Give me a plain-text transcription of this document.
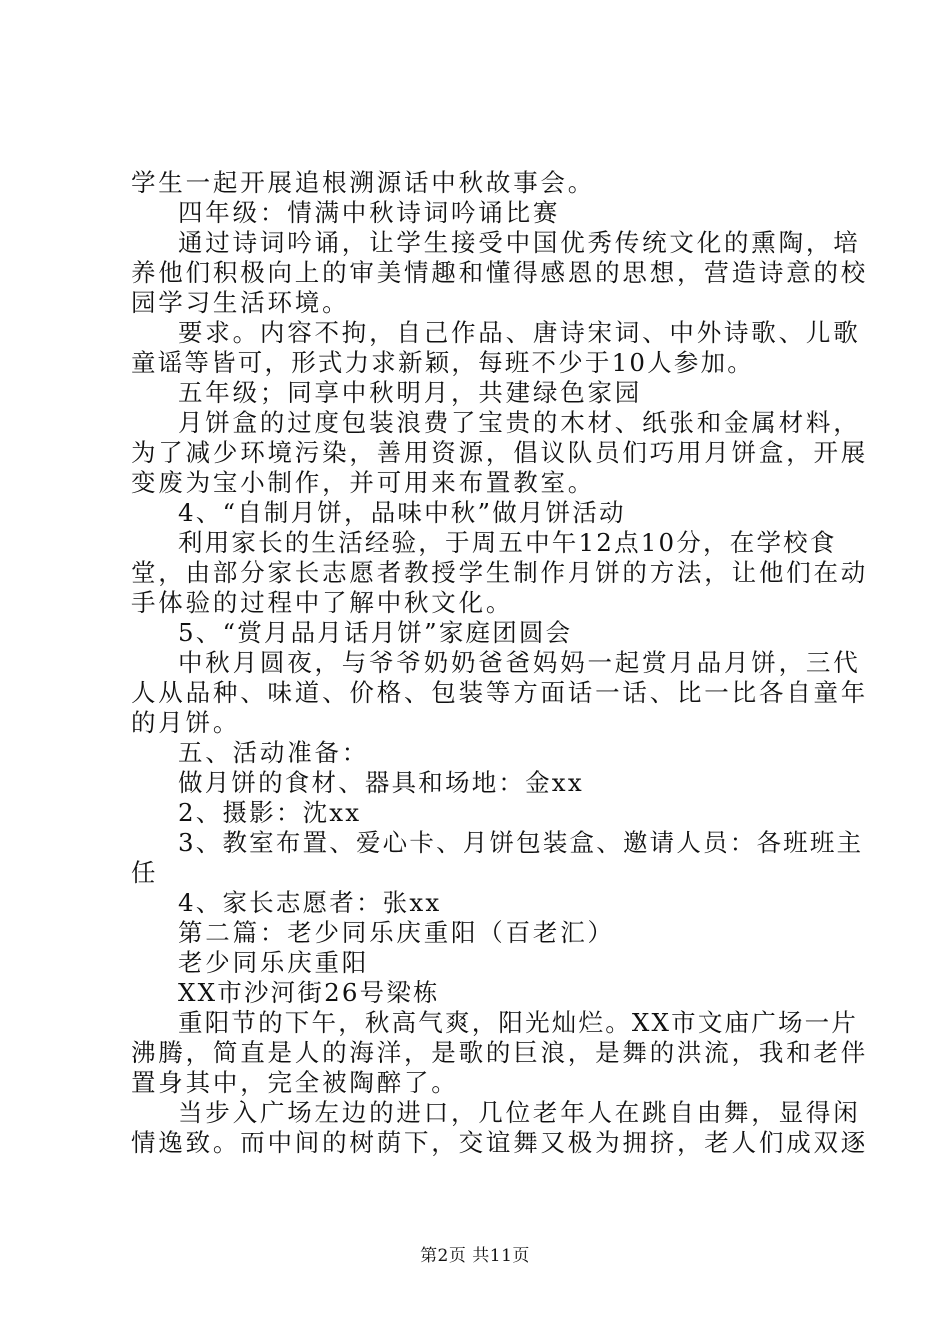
学生一起开展追根溯源话中秋故事会。
四年级：情满中秋诗词吟诵比赛
通过诗词吟诵，让学生接受中国优秀传统文化的熏陶，培
养他们积极向上的审美情趣和懂得感恩的思想，营造诗意的校
园学习生活环境。
要求。内容不拘，自己作品、唐诗宋词、中外诗歌、儿歌
童谣等皆可，形式力求新颖，每班不少于10人参加。
五年级；同享中秋明月，共建绿色家园
月饼盒的过度包装浪费了宝贵的木材、纸张和金属材料，
为了减少环境污染，善用资源，倡议队员们巧用月饼盒，开展
变废为宝小制作，并可用来布置教室。
4、“自制月饼，品味中秋”做月饼活动
利用家长的生活经验，于周五中午12点10分，在学校食
堂，由部分家长志愿者教授学生制作月饼的方法，让他们在动
手体验的过程中了解中秋文化。
5、“赏月品月话月饼”家庭团圆会
中秋月圆夜，与爷爷奶奶爸爸妈妈一起赏月品月饼，三代
人从品种、味道、价格、包装等方面话一话、比一比各自童年
的月饼。
五、活动准备：
做月饼的食材、器具和场地：金xx
2、摄影：沈xx
3、教室布置、爱心卡、月饼包装盒、邀请人员：各班班主
任
4、家长志愿者：张xx
第二篇：老少同乐庆重阳（百老汇）
老少同乐庆重阳
XX市沙河街26号梁栋
重阳节的下午，秋高气爽，阳光灿烂。XX市文庙广场一片
沸腾，简直是人的海洋，是歌的巨浪，是舞的洪流，我和老伴
置身其中，完全被陶醉了。
当步入广场左边的进口，几位老年人在跳自由舞，显得闲
情逸致。而中间的树荫下，交谊舞又极为拥挤，老人们成双逐
第2页 共11页
